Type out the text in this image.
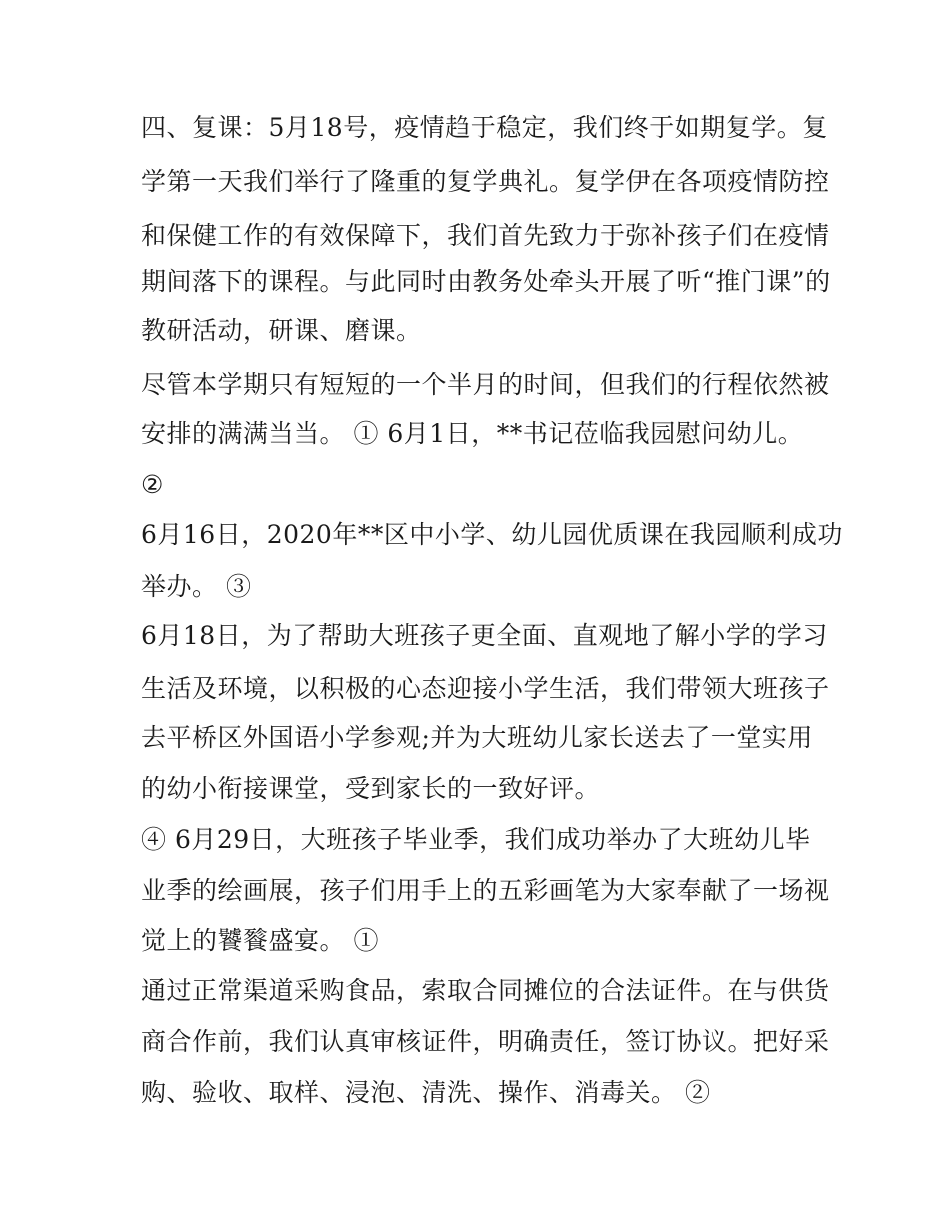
四、复课：5月18号，疫情趋于稳定，我们终于如期复学。复
学第一天我们举行了隆重的复学典礼。复学伊在各项疫情防控
和保健工作的有效保障下，我们首先致力于弥补孩子们在疫情
期间落下的课程。与此同时由教务处牵头开展了听“推门课”的
教研活动，研课、磨课。
尽管本学期只有短短的一个半月的时间，但我们的行程依然被
安排的满满当当。 ① 6月1日，**书记莅临我园慰问幼儿。
②
6月16日，2020年**区中小学、幼儿园优质课在我园顺利成功
举办。 ③
6月18日，为了帮助大班孩子更全面、直观地了解小学的学习
生活及环境，以积极的心态迎接小学生活，我们带领大班孩子
去平桥区外国语小学参观;并为大班幼儿家长送去了一堂实用
的幼小衔接课堂，受到家长的一致好评。
④ 6月29日，大班孩子毕业季，我们成功举办了大班幼儿毕
业季的绘画展，孩子们用手上的五彩画笔为大家奉献了一场视
觉上的饕餮盛宴。 ①
通过正常渠道采购食品，索取合同摊位的合法证件。在与供货
商合作前，我们认真审核证件，明确责任，签订协议。把好采
购、验收、取样、浸泡、清洗、操作、消毒关。 ②
